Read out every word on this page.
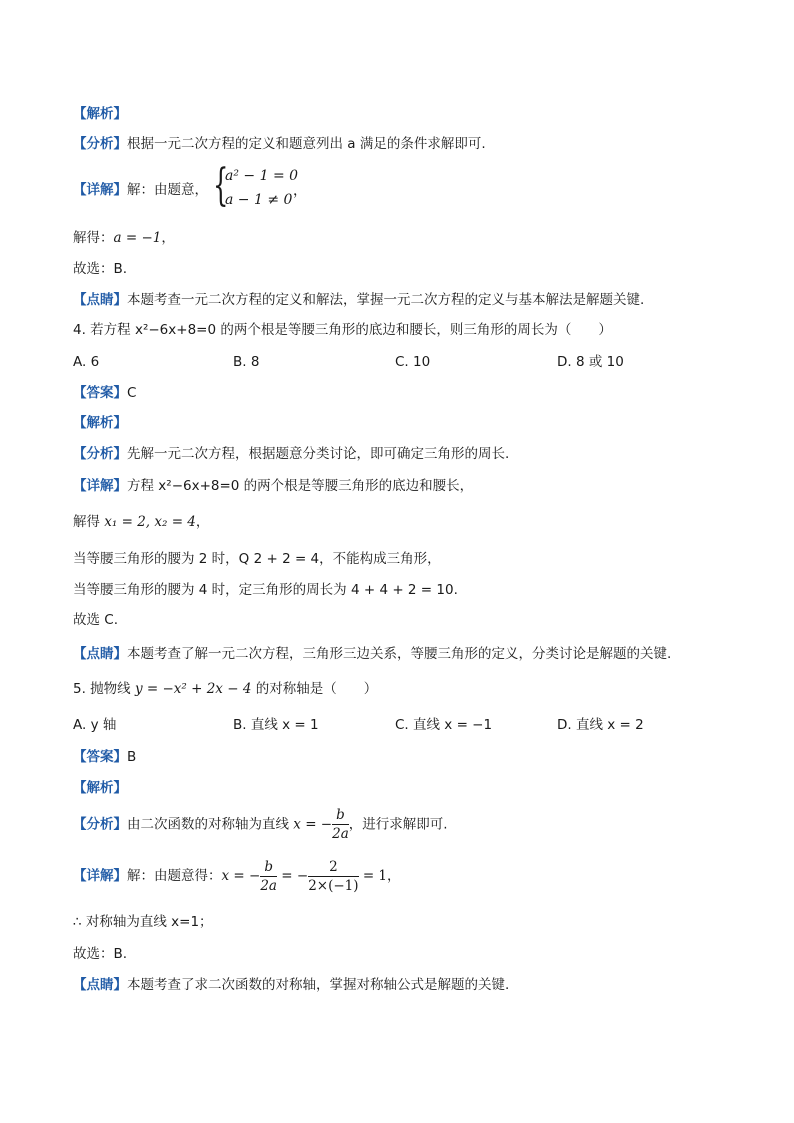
【解析】
【分析】根据一元二次方程的定义和题意列出 a 满足的条件求解即可.
【详解】解：由题意， {
a² − 1 = 0
a − 1 ≠ 0
，
解得：a = −1，
故选：B.
【点睛】本题考查一元二次方程的定义和解法，掌握一元二次方程的定义与基本解法是解题关键.
4. 若方程 x²−6x+8=0 的两个根是等腰三角形的底边和腰长，则三角形的周长为（　　）
A. 6	B. 8	C. 10	D. 8 或 10
【答案】C
【解析】
【分析】先解一元二次方程，根据题意分类讨论，即可确定三角形的周长.
【详解】方程 x²−6x+8=0 的两个根是等腰三角形的底边和腰长，
解得 x₁ = 2, x₂ = 4，
当等腰三角形的腰为 2 时，Q 2 + 2 = 4，不能构成三角形，
当等腰三角形的腰为 4 时，定三角形的周长为 4 + 4 + 2 = 10.
故选 C.
【点睛】本题考查了解一元二次方程，三角形三边关系，等腰三角形的定义，分类讨论是解题的关键.
5. 抛物线 y = −x² + 2x − 4 的对称轴是（　　）
A. y 轴	B. 直线 x = 1	C. 直线 x = −1	D. 直线 x = 2
【答案】B
【解析】
【分析】由二次函数的对称轴为直线 x = − $\frac{b}{2a}$ ，进行求解即可.
【详解】解：由题意得：x = − $\frac{b}{2a}$ = − $\frac{2}{2\times(-1)} = 1$，
∴ 对称轴为直线 x=1；
故选：B.
【点睛】本题考查了求二次函数的对称轴，掌握对称轴公式是解题的关键.
